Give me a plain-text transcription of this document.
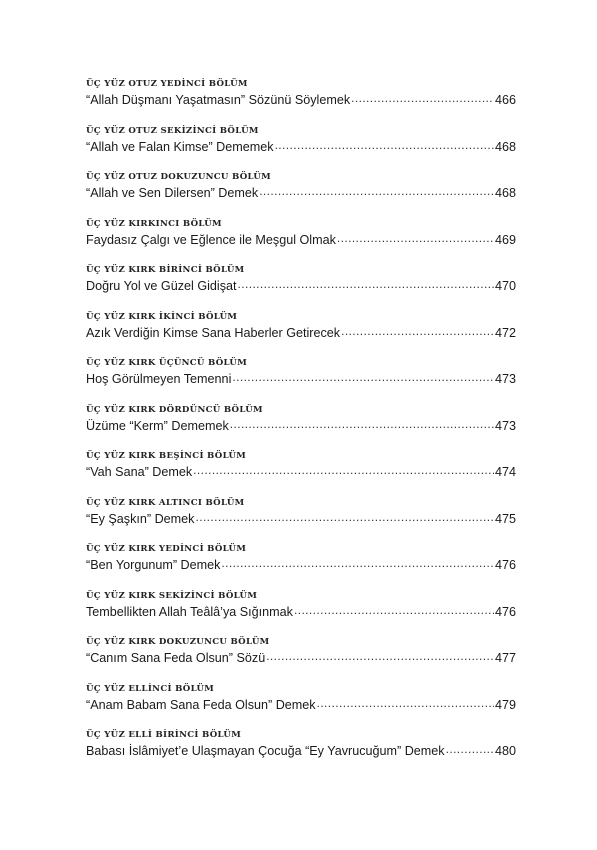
ÜÇ YÜZ OTUZ YEDİNCİ BÖLÜM
“Allah Düşmanı Yaşatmasın” Sözünü Söylemek .....	466
ÜÇ YÜZ OTUZ SEKİZİNCİ BÖLÜM
“Allah ve Falan Kimse” Dememek .....	468
ÜÇ YÜZ OTUZ DOKUZUNCU BÖLÜM
“Allah ve Sen Dilersen” Demek .....	468
ÜÇ YÜZ KIRKINCI BÖLÜM
Faydasız Çalgı ve Eğlence ile Meşgul Olmak .....	469
ÜÇ YÜZ KIRK BİRİNCİ BÖLÜM
Doğru Yol ve Güzel Gidişat .....	470
ÜÇ YÜZ KIRK İKİNCİ BÖLÜM
Azık Verdiğin Kimse Sana Haberler Getirecek .....	472
ÜÇ YÜZ KIRK ÜÇÜNCÜ BÖLÜM
Hoş Görülmeyen Temenni .....	473
ÜÇ YÜZ KIRK DÖRDÜNCÜ BÖLÜM
Üzüme “Kerm” Dememek .....	473
ÜÇ YÜZ KIRK BEŞİNCİ BÖLÜM
“Vah Sana” Demek .....	474
ÜÇ YÜZ KIRK ALTINCI BÖLÜM
“Ey Şaşkın” Demek .....	475
ÜÇ YÜZ KIRK YEDİNCİ BÖLÜM
“Ben Yorgunum” Demek .....	476
ÜÇ YÜZ KIRK SEKİZİNCİ BÖLÜM
Tembellikten Allah Teâlâ’ya Sığınmak .....	476
ÜÇ YÜZ KIRK DOKUZUNCU BÖLÜM
“Canım Sana Feda Olsun” Sözü .....	477
ÜÇ YÜZ ELLİNCİ BÖLÜM
“Anam Babam Sana Feda Olsun” Demek .....	479
ÜÇ YÜZ ELLİ BİRİNCİ BÖLÜM
Babası İslâmiyet’e Ulaşmayan Çocuğa “Ey Yavrucuğum” Demek .....	480
